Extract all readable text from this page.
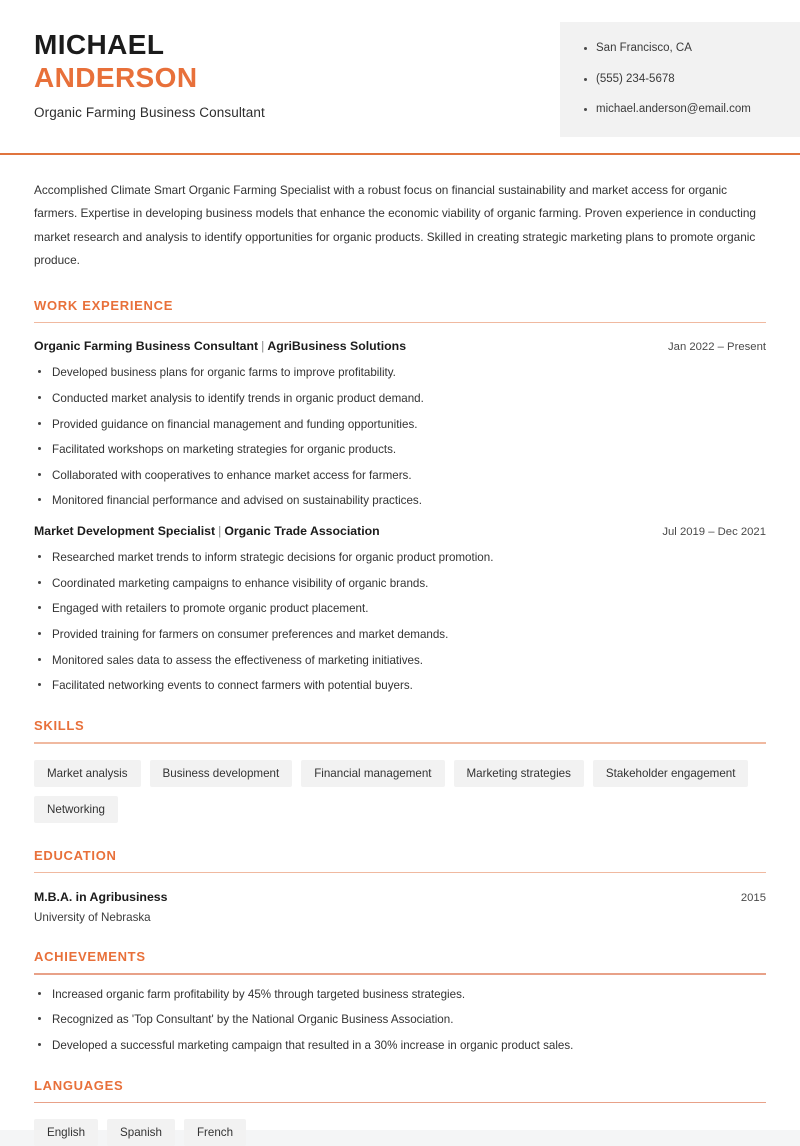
MICHAEL
ANDERSON
Organic Farming Business Consultant
San Francisco, CA
(555) 234-5678
michael.anderson@email.com
Accomplished Climate Smart Organic Farming Specialist with a robust focus on financial sustainability and market access for organic farmers. Expertise in developing business models that enhance the economic viability of organic farming. Proven experience in conducting market research and analysis to identify opportunities for organic products. Skilled in creating strategic marketing plans to promote organic produce.
WORK EXPERIENCE
Organic Farming Business Consultant | AgriBusiness Solutions	Jan 2022 – Present
Developed business plans for organic farms to improve profitability.
Conducted market analysis to identify trends in organic product demand.
Provided guidance on financial management and funding opportunities.
Facilitated workshops on marketing strategies for organic products.
Collaborated with cooperatives to enhance market access for farmers.
Monitored financial performance and advised on sustainability practices.
Market Development Specialist | Organic Trade Association	Jul 2019 – Dec 2021
Researched market trends to inform strategic decisions for organic product promotion.
Coordinated marketing campaigns to enhance visibility of organic brands.
Engaged with retailers to promote organic product placement.
Provided training for farmers on consumer preferences and market demands.
Monitored sales data to assess the effectiveness of marketing initiatives.
Facilitated networking events to connect farmers with potential buyers.
SKILLS
Market analysis	Business development	Financial management	Marketing strategies	Stakeholder engagement
Networking
EDUCATION
M.B.A. in Agribusiness	2015
University of Nebraska
ACHIEVEMENTS
Increased organic farm profitability by 45% through targeted business strategies.
Recognized as 'Top Consultant' by the National Organic Business Association.
Developed a successful marketing campaign that resulted in a 30% increase in organic product sales.
LANGUAGES
English	Spanish	French
